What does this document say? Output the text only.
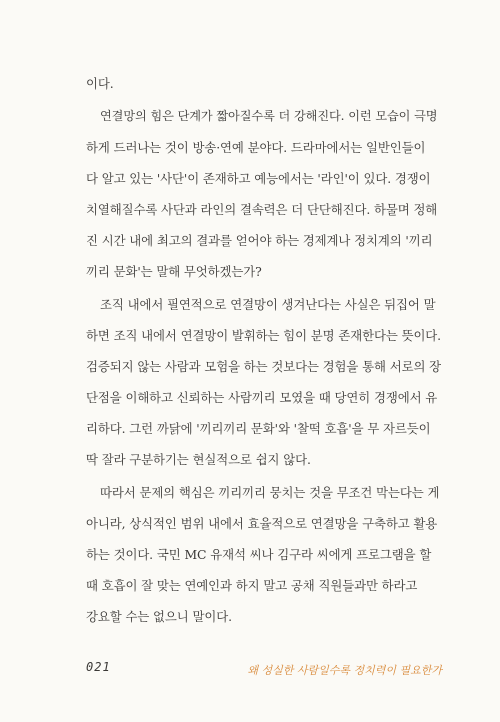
이다.
연결망의 힘은 단계가 짧아질수록 더 강해진다. 이런 모습이 극명
하게 드러나는 것이 방송·연예 분야다. 드라마에서는 일반인들이
다 알고 있는 '사단'이 존재하고 예능에서는 '라인'이 있다. 경쟁이
치열해질수록 사단과 라인의 결속력은 더 단단해진다. 하물며 정해
진 시간 내에 최고의 결과를 얻어야 하는 경제계나 정치계의 '끼리
끼리 문화'는 말해 무엇하겠는가?
조직 내에서 필연적으로 연결망이 생겨난다는 사실은 뒤집어 말
하면 조직 내에서 연결망이 발휘하는 힘이 분명 존재한다는 뜻이다.
검증되지 않는 사람과 모험을 하는 것보다는 경험을 통해 서로의 장
단점을 이해하고 신뢰하는 사람끼리 모였을 때 당연히 경쟁에서 유
리하다. 그런 까닭에 '끼리끼리 문화'와 '찰떡 호흡'을 무 자르듯이
딱 잘라 구분하기는 현실적으로 쉽지 않다.
따라서 문제의 핵심은 끼리끼리 뭉치는 것을 무조건 막는다는 게
아니라, 상식적인 범위 내에서 효율적으로 연결망을 구축하고 활용
하는 것이다. 국민 MC 유재석 씨나 김구라 씨에게 프로그램을 할
때 호흡이 잘 맞는 연예인과 하지 말고 공채 직원들과만 하라고
강요할 수는 없으니 말이다.
021	왜 성실한 사람일수록 정치력이 필요한가
